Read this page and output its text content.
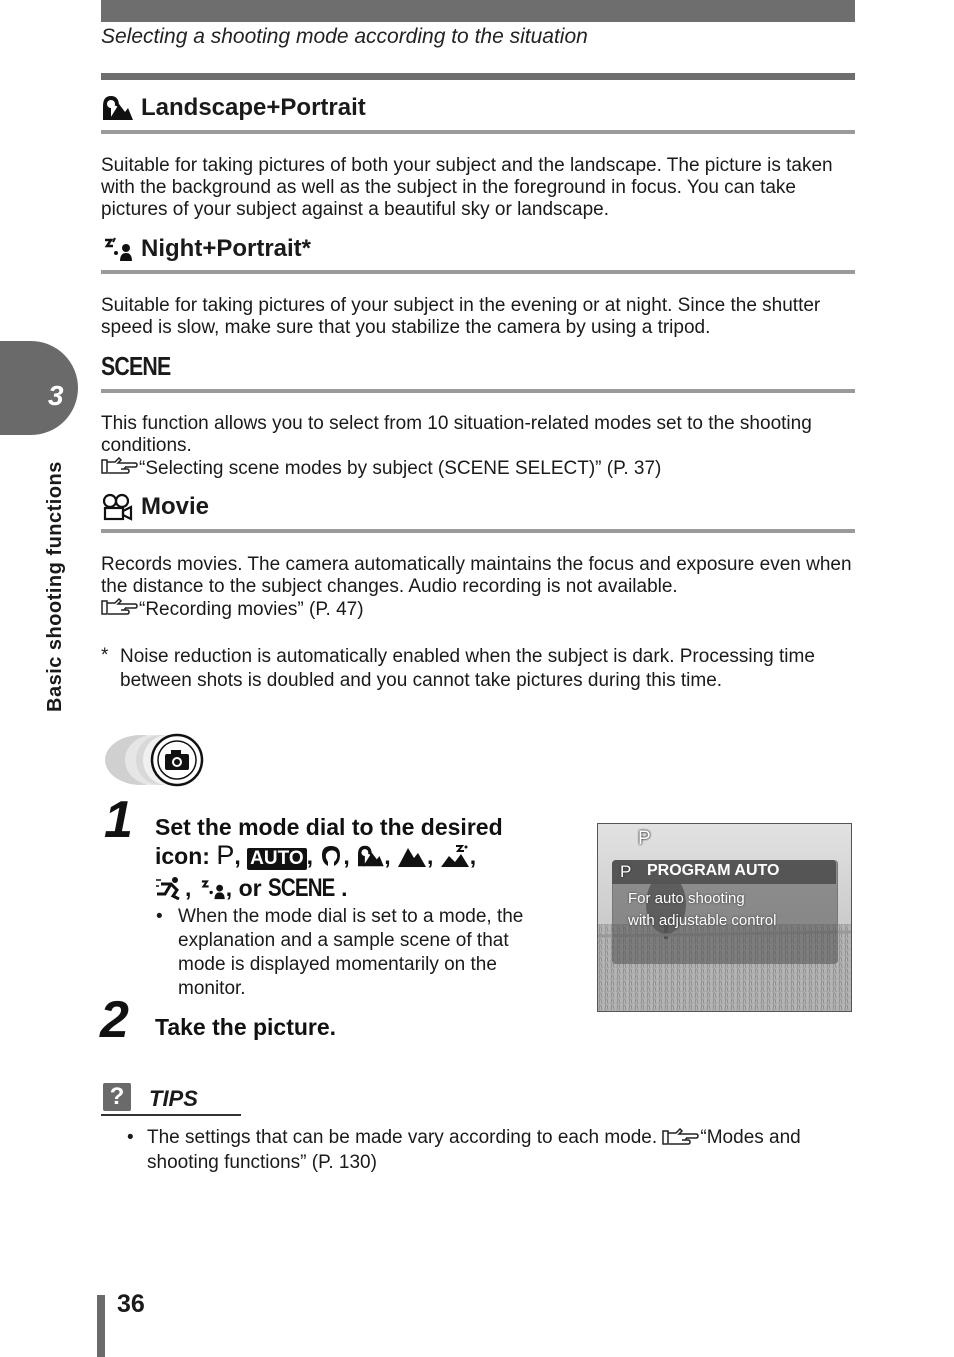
Selecting a shooting mode according to the situation
3
Basic shooting functions
Landscape+Portrait
Suitable for taking pictures of both your subject and the landscape. The picture is taken with the background as well as the subject in the foreground in focus. You can take pictures of your subject against a beautiful sky or landscape.
Night+Portrait*
Suitable for taking pictures of your subject in the evening or at night. Since the shutter speed is slow, make sure that you stabilize the camera by using a tripod.
SCENE

This function allows you to select from 10 situation-related modes set to the shooting conditions.

“Selecting scene modes by subject (SCENE SELECT)” (P. 37)

Movie

Records movies. The camera automatically maintains the focus and exposure even when the distance to the subject changes. Audio recording is not available.

“Recording movies” (P. 47)

* Noise reduction is automatically enabled when the subject is dark. Processing time between shots is doubled and you cannot take pictures during this time.
1 Set the mode dial to the desired
icon: P, AUTO , , , , ,
, , or SCENE .
• When the mode dial is set to a mode, the explanation and a sample scene of that mode is displayed momentarily on the monitor.
2 Take the picture.
P
P PROGRAM AUTO
For auto shooting
with adjustable control
?	TIPS
• The settings that can be made vary according to each mode. “Modes and shooting functions” (P. 130)
36
